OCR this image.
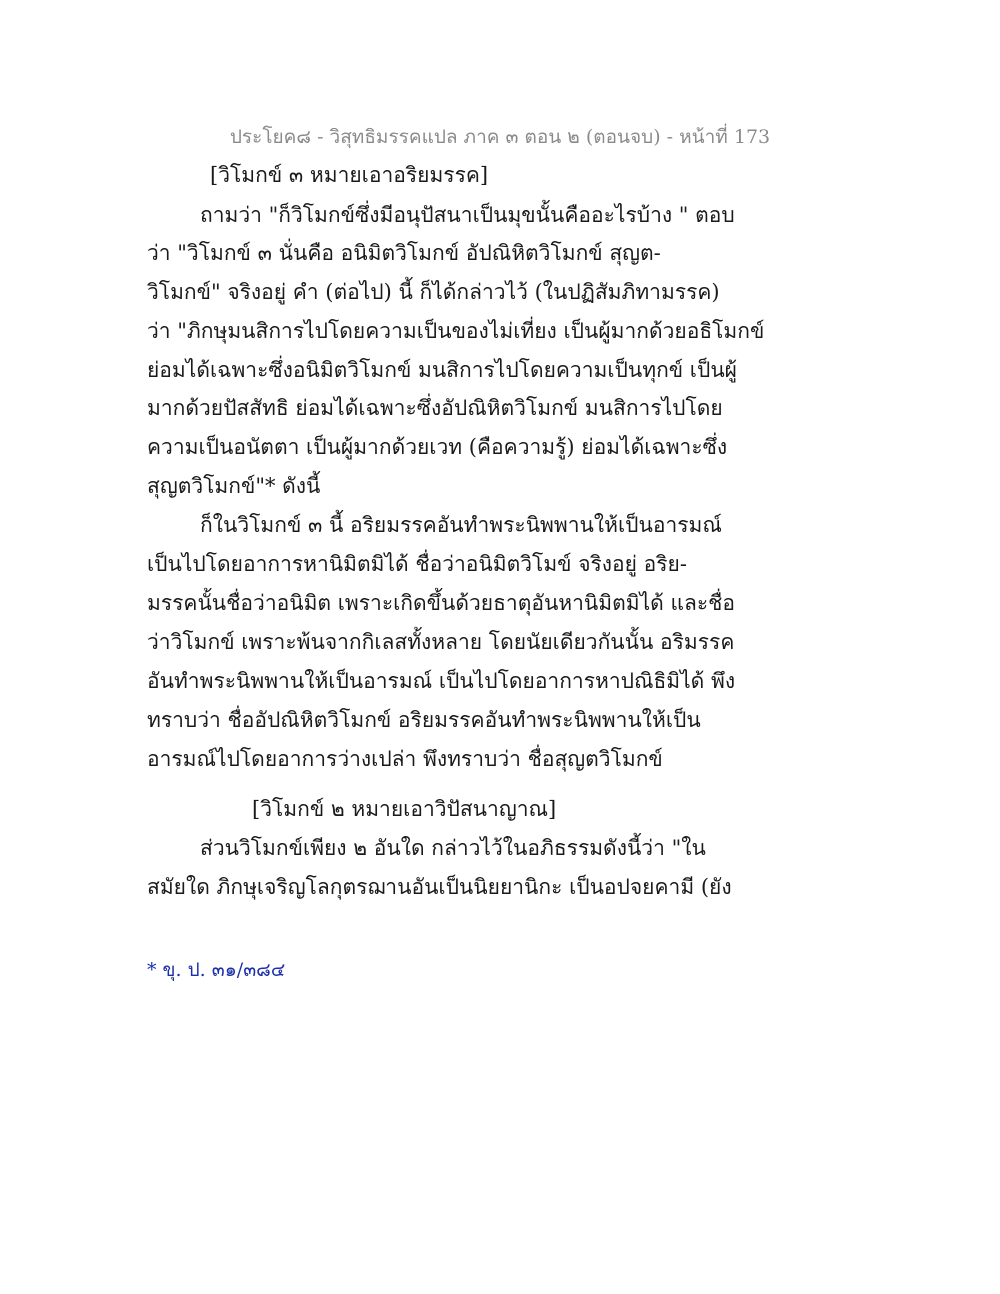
ประโยค๘ - วิสุทธิมรรคแปล ภาค ๓ ตอน ๒ (ตอนจบ) - หน้าที่ 173
[วิโมกข์ ๓ หมายเอาอริยมรรค]
ถามว่า "ก็วิโมกข์ซึ่งมีอนุปัสนาเป็นมุขนั้นคืออะไรบ้าง " ตอบ
ว่า "วิโมกข์ ๓ นั่นคือ อนิมิตวิโมกข์ อัปณิหิตวิโมกข์ สุญต-
วิโมกข์" จริงอยู่ คำ (ต่อไป) นี้ ก็ได้กล่าวไว้ (ในปฏิสัมภิทามรรค)
ว่า "ภิกษุมนสิการไปโดยความเป็นของไม่เที่ยง เป็นผู้มากด้วยอธิโมกข์
ย่อมได้เฉพาะซึ่งอนิมิตวิโมกข์ มนสิการไปโดยความเป็นทุกข์ เป็นผู้
มากด้วยปัสสัทธิ ย่อมได้เฉพาะซึ่งอัปณิหิตวิโมกข์ มนสิการไปโดย
ความเป็นอนัตตา เป็นผู้มากด้วยเวท (คือความรู้) ย่อมได้เฉพาะซึ่ง
สุญตวิโมกข์"* ดังนี้
ก็ในวิโมกข์ ๓ นี้ อริยมรรคอันทำพระนิพพานให้เป็นอารมณ์
เป็นไปโดยอาการหานิมิตมิได้ ชื่อว่าอนิมิตวิโมข์ จริงอยู่ อริย-
มรรคนั้นชื่อว่าอนิมิต เพราะเกิดขึ้นด้วยธาตุอันหานิมิตมิได้ และชื่อ
ว่าวิโมกข์ เพราะพ้นจากกิเลสทั้งหลาย โดยนัยเดียวกันนั้น อริมรรค
อันทำพระนิพพานให้เป็นอารมณ์ เป็นไปโดยอาการหาปณิธิมิได้ พึง
ทราบว่า ชื่ออัปณิหิตวิโมกข์ อริยมรรคอันทำพระนิพพานให้เป็น
อารมณ์ไปโดยอาการว่างเปล่า พึงทราบว่า ชื่อสุญตวิโมกข์
[วิโมกข์ ๒ หมายเอาวิปัสนาญาณ]
ส่วนวิโมกข์เพียง ๒ อันใด กล่าวไว้ในอภิธรรมดังนี้ว่า "ใน
สมัยใด ภิกษุเจริญโลกุตรฌานอันเป็นนิยยานิกะ เป็นอปจยคามี (ยัง
* ขุ. ป. ๓๑/๓๘๔
